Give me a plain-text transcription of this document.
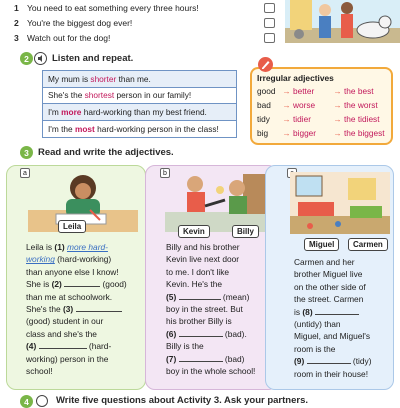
1 You need to eat something every three hours!
2 You're the biggest dog ever!
3 Watch out for the dog!
2	Listen and repeat.
My mum is
shorter
than me.
She's the
shortest
person in our family!
I'm
more
hard-working than my best friend.
I'm the
most
hard-working person in the class!
Irregular adjectives
good → better	→ the best
bad	→ worse	→ the worst
tidy	→ tidier	→ the tidiest
big	→ bigger	→ the biggest
3 Read and write the adjectives.
a
Leila
Leila is (1) more hard-
working (hard-working)
than anyone else I know!
She is (2)	(good)
than me at schoolwork.
She's the (3)
(good) student in our
class and she's the
(4)	(hard-
working) person in the
school!
b
Kevin	Billy
Billy and his brother
Kevin live next door
to me. I don't like
Kevin. He's the
(5)	(mean)
boy in the street. But
his brother Billy is
(6)	(bad).
Billy is the
(7)	(bad)
boy in the whole school!
Miguel	Carmen
Carmen and her
brother Miguel live
on the other side of
the street. Carmen
is (8)
(untidy) than
Miguel, and Miguel's
room is the
(9)	(tidy)
room in their house!
4	Write five questions about Activity 3. Ask your partners.
